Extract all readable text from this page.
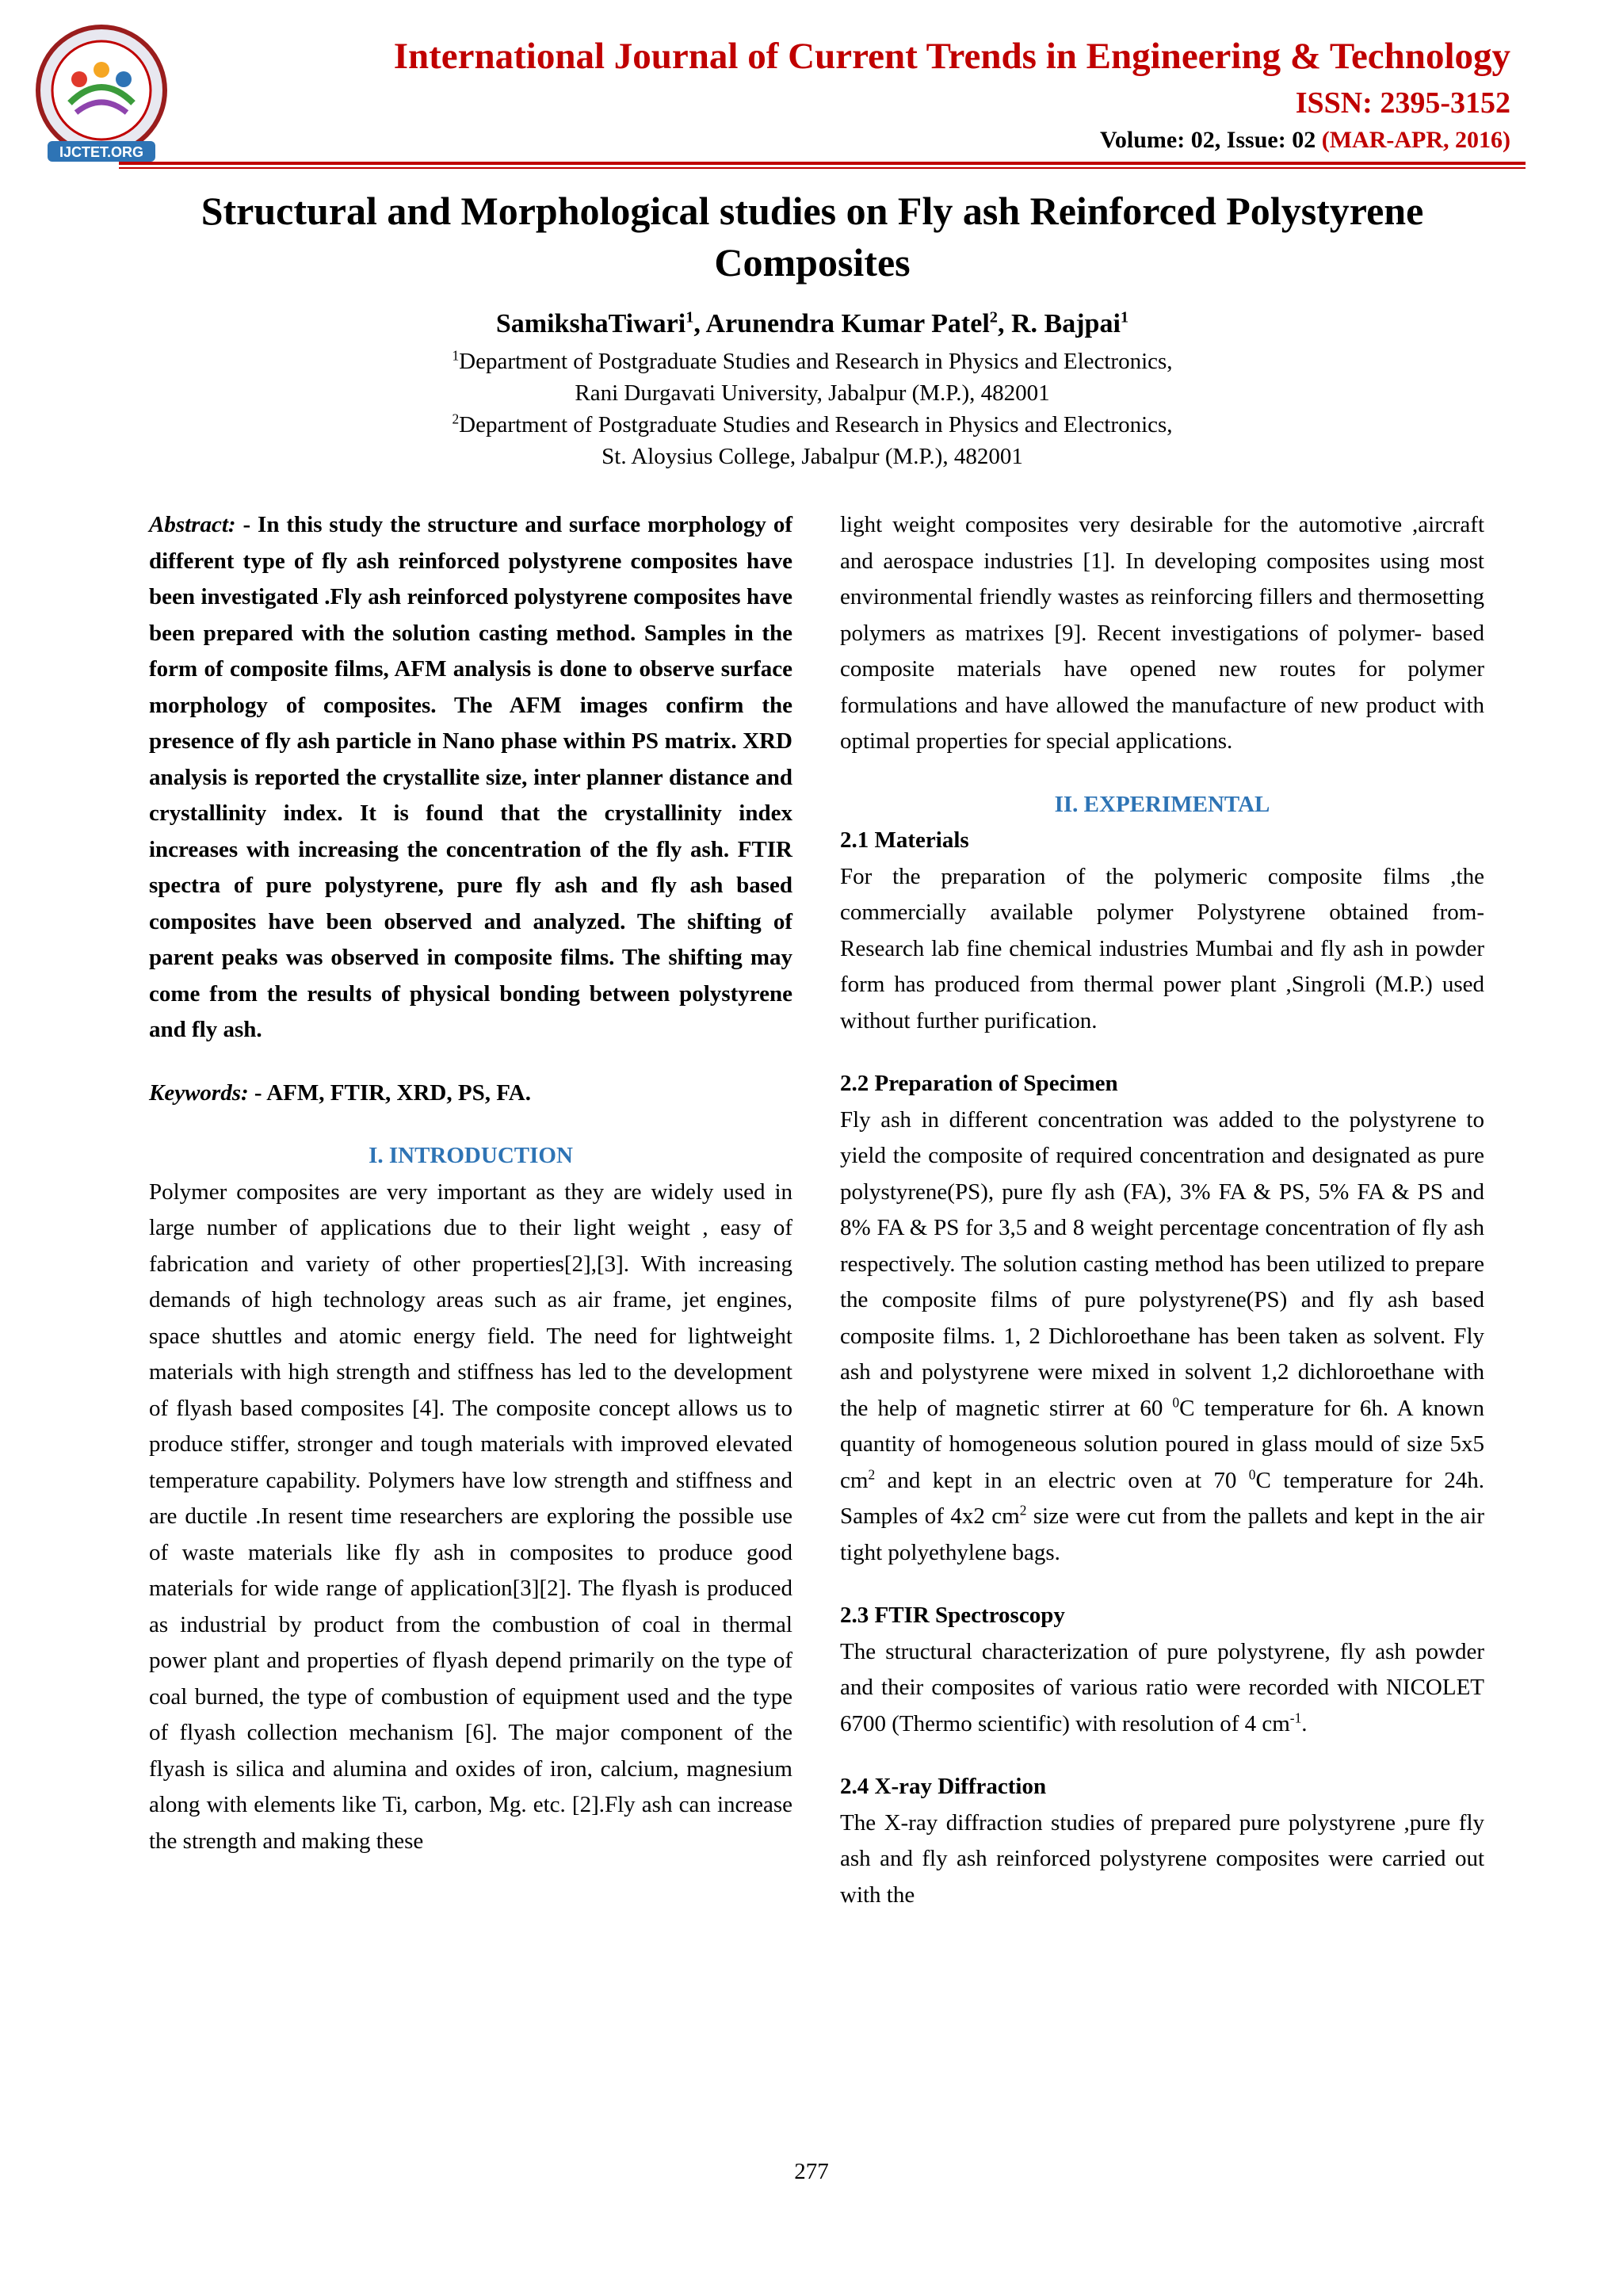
IJCTET.ORG
International Journal of Current Trends in Engineering & Technology
ISSN: 2395-3152
Volume: 02, Issue: 02 (MAR-APR, 2016)
Structural and Morphological studies on Fly ash Reinforced Polystyrene Composites
SamikshaTiwari$^1$, Arunendra Kumar Patel$^2$, R. Bajpai$^1$
$^1$Department of Postgraduate Studies and Research in Physics and Electronics,
Rani Durgavati University, Jabalpur (M.P.), 482001
$^2$Department of Postgraduate Studies and Research in Physics and Electronics,
St. Aloysius College, Jabalpur (M.P.), 482001

Abstract: - In this study the structure and surface morphology of different type of fly ash reinforced polystyrene composites have been investigated .Fly ash reinforced polystyrene composites have been prepared with the solution casting method. Samples in the form of composite films, AFM analysis is done to observe surface morphology of composites. The AFM images confirm the presence of fly ash particle in Nano phase within PS matrix. XRD analysis is reported the crystallite size, inter planner distance and crystallinity index. It is found that the crystallinity index increases with increasing the concentration of the fly ash. FTIR spectra of pure polystyrene, pure fly ash and fly ash based composites have been observed and analyzed. The shifting of parent peaks was observed in composite films. The shifting may come from the results of physical bonding between polystyrene and fly ash.

Keywords: - AFM, FTIR, XRD, PS, FA.

I. INTRODUCTION

Polymer composites are very important as they are widely used in large number of applications due to their light weight , easy of fabrication and variety of other properties[2],[3]. With increasing demands of high technology areas such as air frame, jet engines, space shuttles and atomic energy field. The need for lightweight materials with high strength and stiffness has led to the development of flyash based composites [4]. The composite concept allows us to produce stiffer, stronger and tough materials with improved elevated temperature capability. Polymers have low strength and stiffness and are ductile .In resent time researchers are exploring the possible use of waste materials like fly ash in composites to produce good materials for wide range of application[3][2]. The flyash is produced as industrial by product from the combustion of coal in thermal power plant and properties of flyash depend primarily on the type of coal burned, the type of combustion of equipment used and the type of flyash collection mechanism [6]. The major component of the flyash is silica and alumina and oxides of iron, calcium, magnesium along with elements like Ti, carbon, Mg. etc. [2].Fly ash can increase the strength and making these

light weight composites very desirable for the automotive ,aircraft and aerospace industries [1]. In developing composites using most environmental friendly wastes as reinforcing fillers and thermosetting polymers as matrixes [9]. Recent investigations of polymer- based composite materials have opened new routes for polymer formulations and have allowed the manufacture of new product with optimal properties for special applications.

II. EXPERIMENTAL

2.1 Materials

For the preparation of the polymeric composite films ,the commercially available polymer Polystyrene obtained from- Research lab fine chemical industries Mumbai and fly ash in powder form has produced from thermal power plant ,Singroli (M.P.) used without further purification.

2.2 Preparation of Specimen

Fly ash in different concentration was added to the polystyrene to yield the composite of required concentration and designated as pure polystyrene(PS), pure fly ash (FA), 3% FA & PS, 5% FA & PS and 8% FA & PS for 3,5 and 8 weight percentage concentration of fly ash respectively. The solution casting method has been utilized to prepare the composite films of pure polystyrene(PS) and fly ash based composite films. 1, 2 Dichloroethane has been taken as solvent. Fly ash and polystyrene were mixed in solvent 1,2 dichloroethane with the help of magnetic stirrer at 60 $^0$C temperature for 6h. A known quantity of homogeneous solution poured in glass mould of size 5x5 $cm^2$ and kept in an electric oven at 70 $^0$C temperature for 24h. Samples of 4x2 $cm^2$ size were cut from the pallets and kept in the air tight polyethylene bags.

2.3 FTIR Spectroscopy

The structural characterization of pure polystyrene, fly ash powder and their composites of various ratio were recorded with NICOLET 6700 (Thermo scientific) with resolution of 4 $cm^{-1}$.

2.4 X-ray Diffraction

The X-ray diffraction studies of prepared pure polystyrene ,pure fly ash and fly ash reinforced polystyrene composites were carried out with the

277
